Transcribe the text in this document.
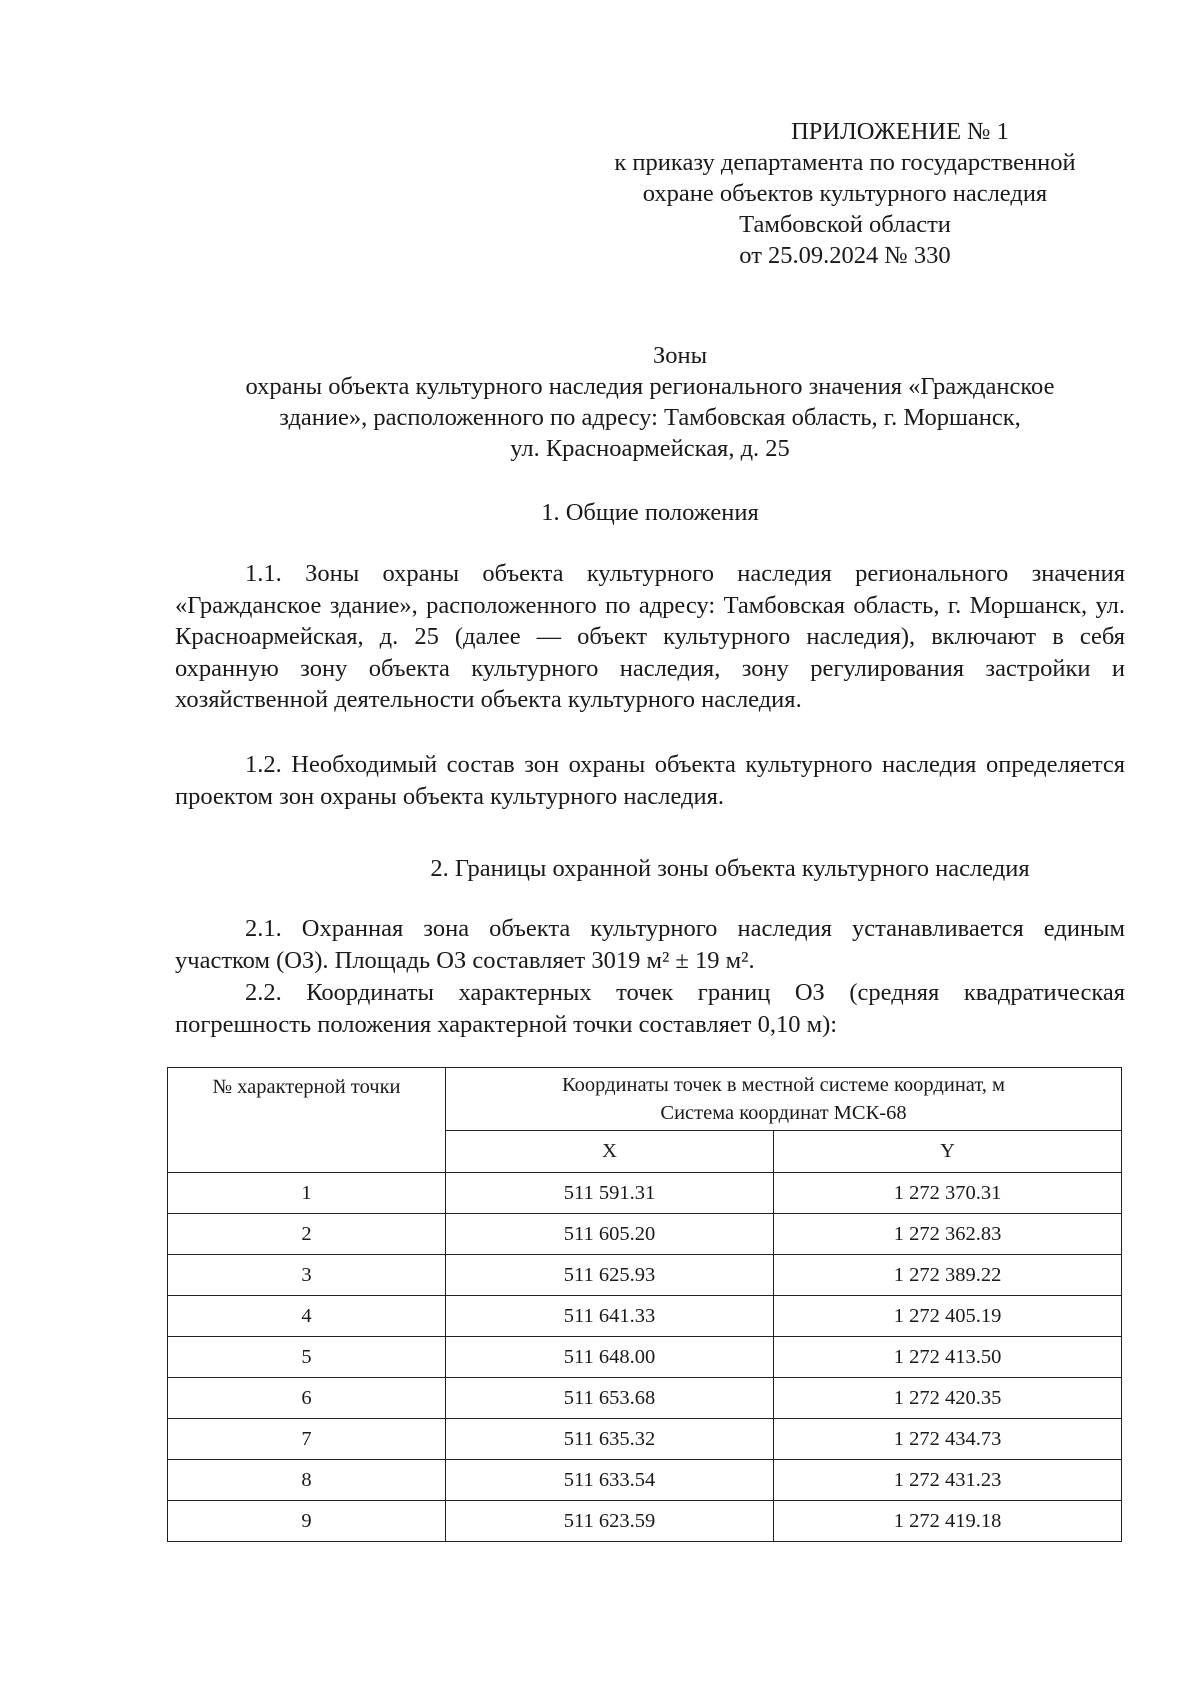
ПРИЛОЖЕНИЕ № 1
к приказу департамента по государственной
охране объектов культурного наследия
Тамбовской области
от 25.09.2024 № 330
Зоны
охраны объекта культурного наследия регионального значения «Гражданское
здание», расположенного по адресу: Тамбовская область, г. Моршанск,
ул. Красноармейская, д. 25
1. Общие положения
1.1. Зоны охраны объекта культурного наследия регионального значения «Гражданское здание», расположенного по адресу: Тамбовская область, г. Моршанск, ул. Красноармейская, д. 25 (далее — объект культурного наследия), включают в себя охранную зону объекта культурного наследия, зону регулирования застройки и хозяйственной деятельности объекта культурного наследия.
1.2. Необходимый состав зон охраны объекта культурного наследия определяется проектом зон охраны объекта культурного наследия.
2. Границы охранной зоны объекта культурного наследия
2.1. Охранная зона объекта культурного наследия устанавливается единым участком (ОЗ). Площадь ОЗ составляет 3019 м² ± 19 м².
2.2. Координаты характерных точек границ ОЗ (средняя квадратическая погрешность положения характерной точки составляет 0,10 м):
№ характерной точки	Координаты точек в местной системе координат, м
Система координат МСК-68	

	X	Y
1	511 591.31	1 272 370.31
2	511 605.20	1 272 362.83
3	511 625.93	1 272 389.22
4	511 641.33	1 272 405.19
5	511 648.00	1 272 413.50
6	511 653.68	1 272 420.35
7	511 635.32	1 272 434.73
8	511 633.54	1 272 431.23
9	511 623.59	1 272 419.18
